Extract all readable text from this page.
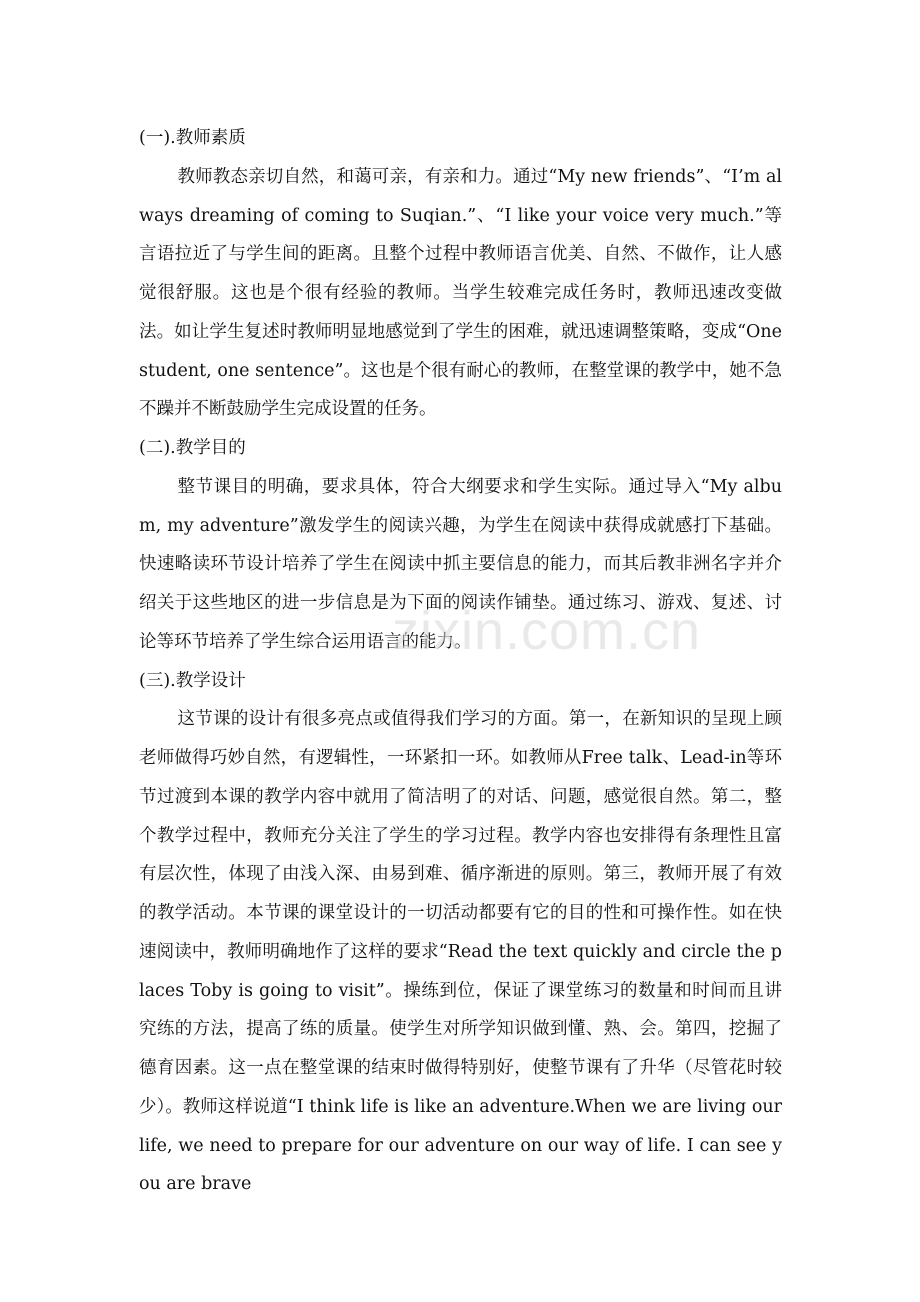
(一).教师素质

教师教态亲切自然，和蔼可亲，有亲和力。通过“My new friends”、“I’m always dreaming of coming to Suqian.”、“I like your voice very much.”等言语拉近了与学生间的距离。且整个过程中教师语言优美、自然、不做作，让人感觉很舒服。这也是个很有经验的教师。当学生较难完成任务时，教师迅速改变做法。如让学生复述时教师明显地感觉到了学生的困难，就迅速调整策略，变成“One student, one sentence”。这也是个很有耐心的教师，在整堂课的教学中，她不急不躁并不断鼓励学生完成设置的任务。

(二).教学目的

整节课目的明确，要求具体，符合大纲要求和学生实际。通过导入“My album, my adventure”激发学生的阅读兴趣，为学生在阅读中获得成就感打下基础。快速略读环节设计培养了学生在阅读中抓主要信息的能力，而其后教非洲名字并介绍关于这些地区的进一步信息是为下面的阅读作铺垫。通过练习、游戏、复述、讨论等环节培养了学生综合运用语言的能力。

(三).教学设计

这节课的设计有很多亮点或值得我们学习的方面。第一，在新知识的呈现上顾老师做得巧妙自然，有逻辑性，一环紧扣一环。如教师从Free talk、Lead-in等环节过渡到本课的教学内容中就用了简洁明了的对话、问题，感觉很自然。第二，整个教学过程中，教师充分关注了学生的学习过程。教学内容也安排得有条理性且富有层次性，体现了由浅入深、由易到难、循序渐进的原则。第三，教师开展了有效的教学活动。本节课的课堂设计的一切活动都要有它的目的性和可操作性。如在快速阅读中，教师明确地作了这样的要求“Read the text quickly and circle the places Toby is going to visit”。操练到位，保证了课堂练习的数量和时间而且讲究练的方法，提高了练的质量。使学生对所学知识做到懂、熟、会。第四，挖掘了德育因素。这一点在整堂课的结束时做得特别好，使整节课有了升华（尽管花时较少）。教师这样说道“I think life is like an adventure.When we are living our life, we need to prepare for our adventure on our way of life. I can see you are brave

zixin.com.cn
